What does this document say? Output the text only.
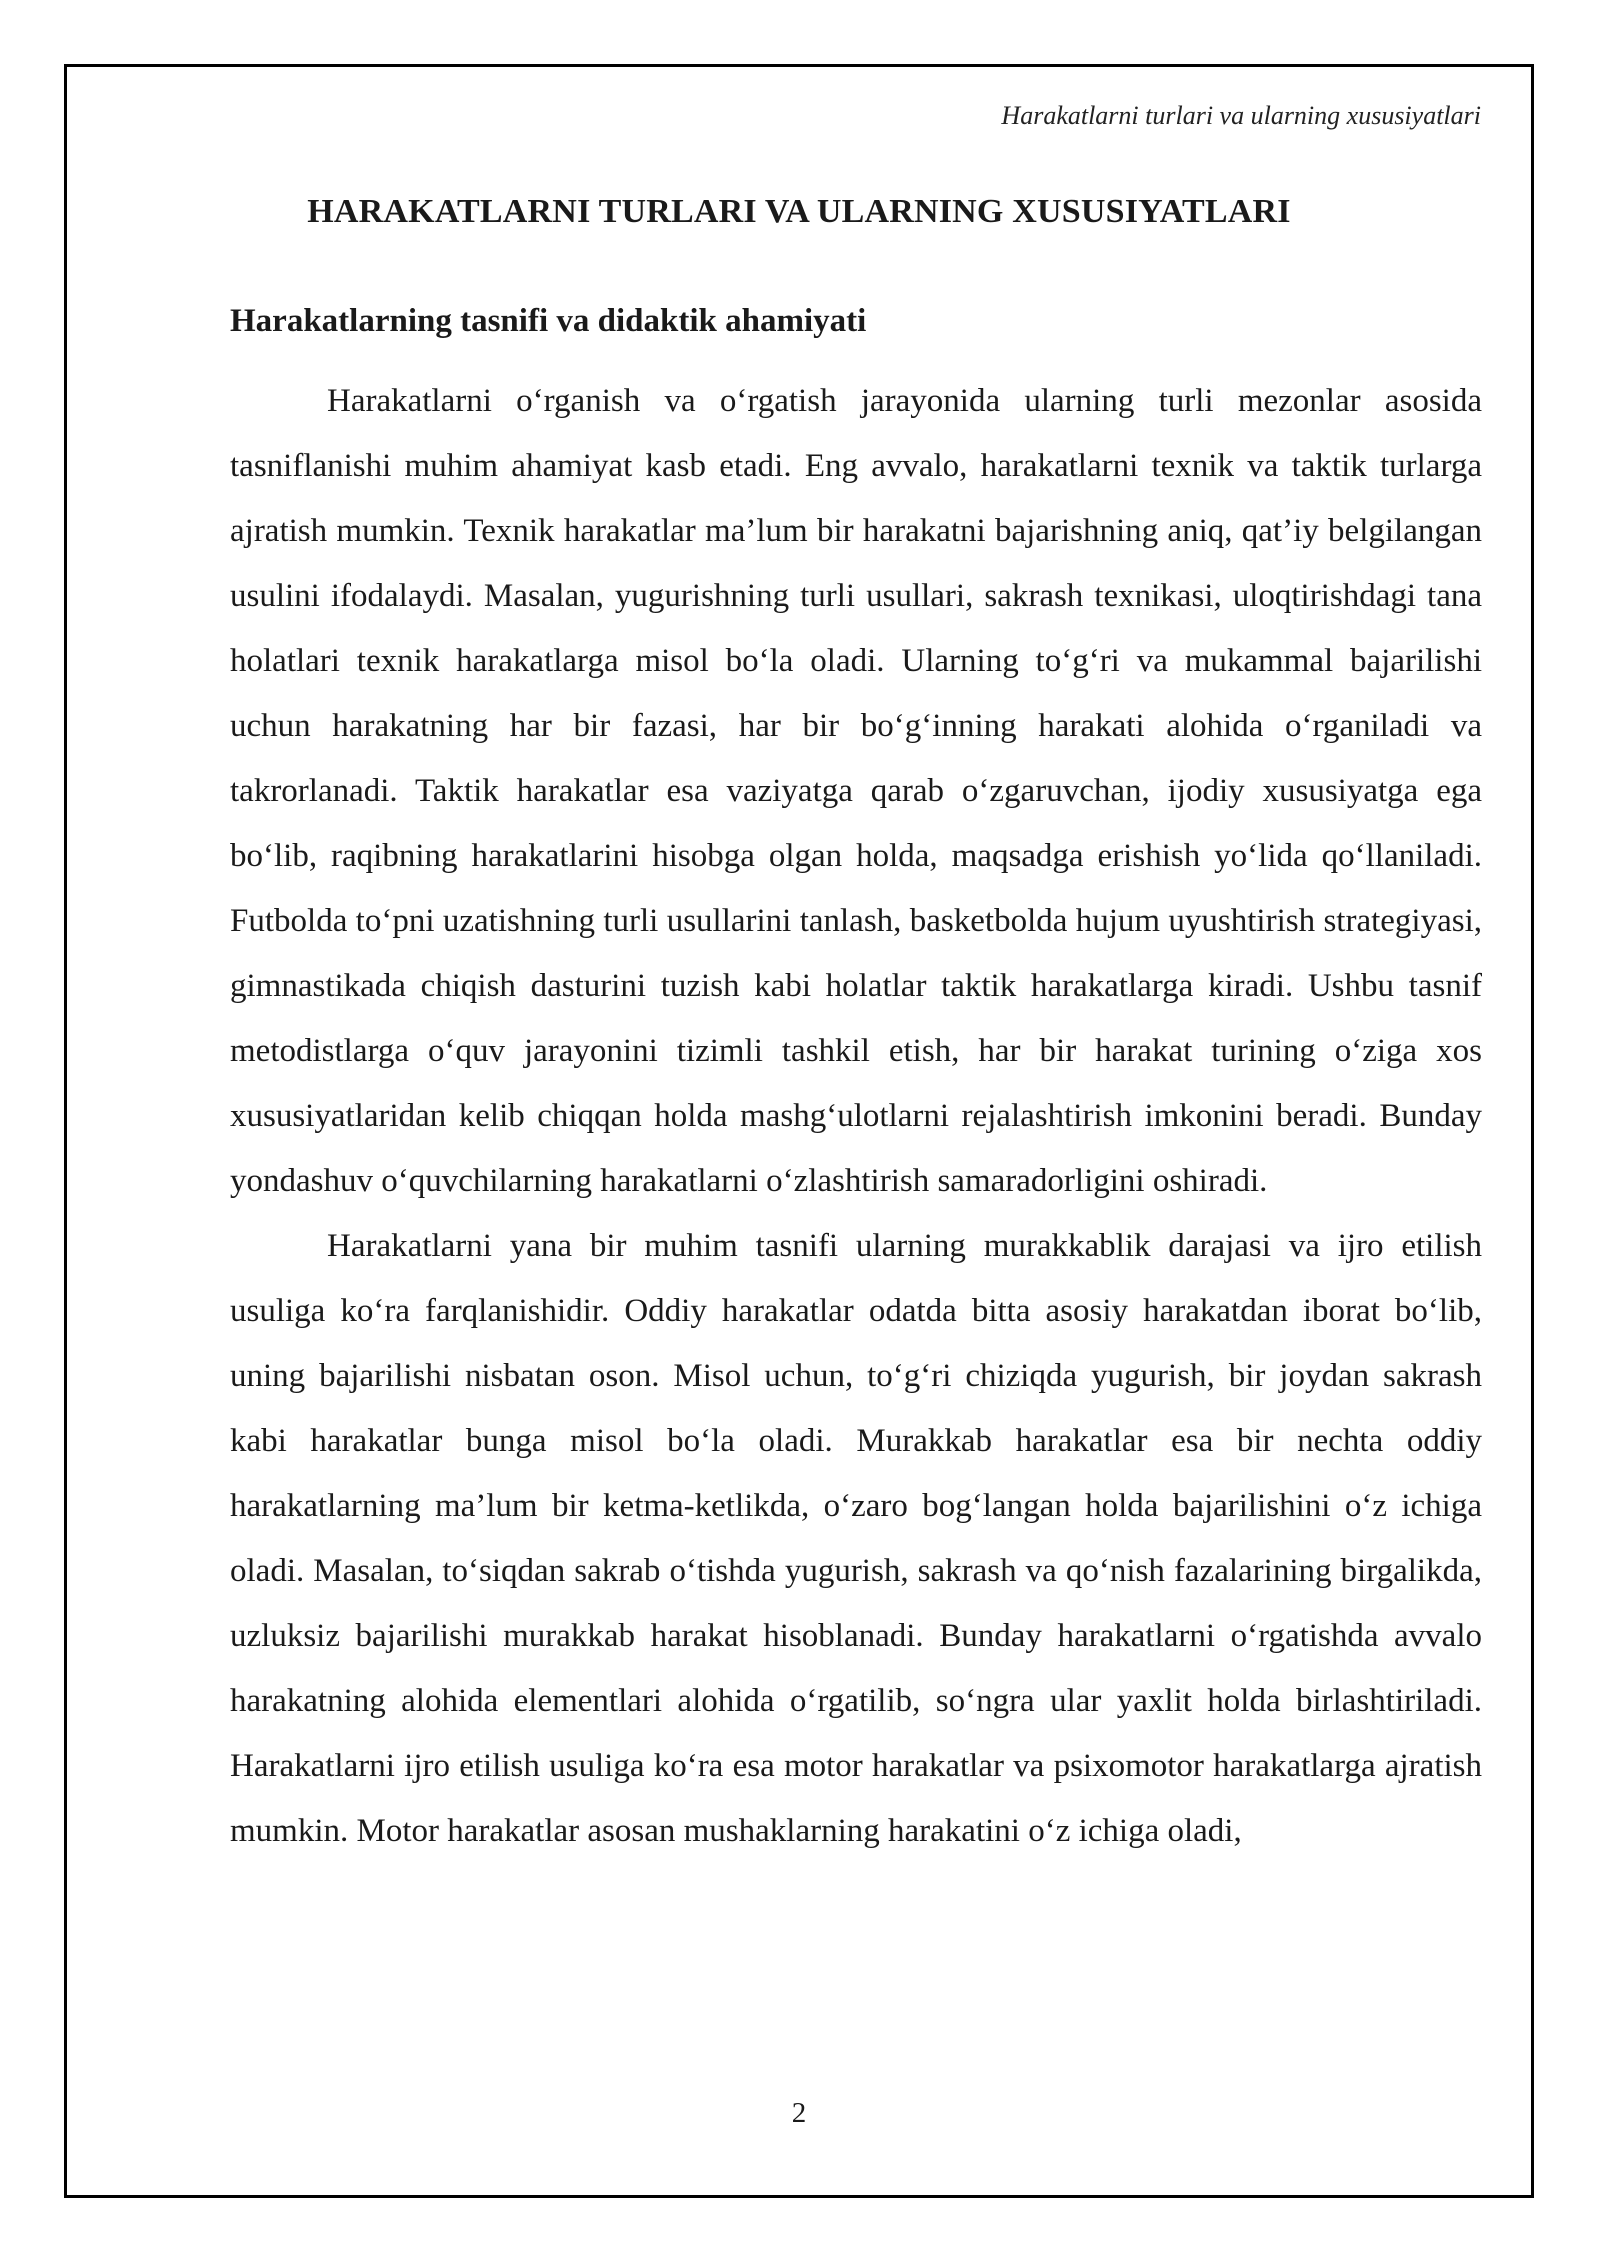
Harakatlarni turlari va ularning xususiyatlari
HARAKATLARNI TURLARI VA ULARNING XUSUSIYATLARI
Harakatlarning tasnifi va didaktik ahamiyati

Harakatlarni o‘rganish va o‘rgatish jarayonida ularning turli mezonlar asosida tasniflanishi muhim ahamiyat kasb etadi. Eng avvalo, harakatlarni texnik va taktik turlarga ajratish mumkin. Texnik harakatlar ma’lum bir harakatni bajarishning aniq, qat’iy belgilangan usulini ifodalaydi. Masalan, yugurishning turli usullari, sakrash texnikasi, uloqtirishdagi tana holatlari texnik harakatlarga misol bo‘la oladi. Ularning to‘g‘ri va mukammal bajarilishi uchun harakatning har bir fazasi, har bir bo‘g‘inning harakati alohida o‘rganiladi va takrorlanadi. Taktik harakatlar esa vaziyatga qarab o‘zgaruvchan, ijodiy xususiyatga ega bo‘lib, raqibning harakatlarini hisobga olgan holda, maqsadga erishish yo‘lida qo‘llaniladi. Futbolda to‘pni uzatishning turli usullarini tanlash, basketbolda hujum uyushtirish strategiyasi, gimnastikada chiqish dasturini tuzish kabi holatlar taktik harakatlarga kiradi. Ushbu tasnif metodistlarga o‘quv jarayonini tizimli tashkil etish, har bir harakat turining o‘ziga xos xususiyatlaridan kelib chiqqan holda mashg‘ulotlarni rejalashtirish imkonini beradi. Bunday yondashuv o‘quvchilarning harakatlarni o‘zlashtirish samaradorligini oshiradi.

Harakatlarni yana bir muhim tasnifi ularning murakkablik darajasi va ijro etilish usuliga ko‘ra farqlanishidir. Oddiy harakatlar odatda bitta asosiy harakatdan iborat bo‘lib, uning bajarilishi nisbatan oson. Misol uchun, to‘g‘ri chiziqda yugurish, bir joydan sakrash kabi harakatlar bunga misol bo‘la oladi. Murakkab harakatlar esa bir nechta oddiy harakatlarning ma’lum bir ketma-ketlikda, o‘zaro bog‘langan holda bajarilishini o‘z ichiga oladi. Masalan, to‘siqdan sakrab o‘tishda yugurish, sakrash va qo‘nish fazalarining birgalikda, uzluksiz bajarilishi murakkab harakat hisoblanadi. Bunday harakatlarni o‘rgatishda avvalo harakatning alohida elementlari alohida o‘rgatilib, so‘ngra ular yaxlit holda birlashtiriladi. Harakatlarni ijro etilish usuliga ko‘ra esa motor harakatlar va psixomotor harakatlarga ajratish mumkin. Motor harakatlar asosan mushaklarning harakatini o‘z ichiga oladi,

2
